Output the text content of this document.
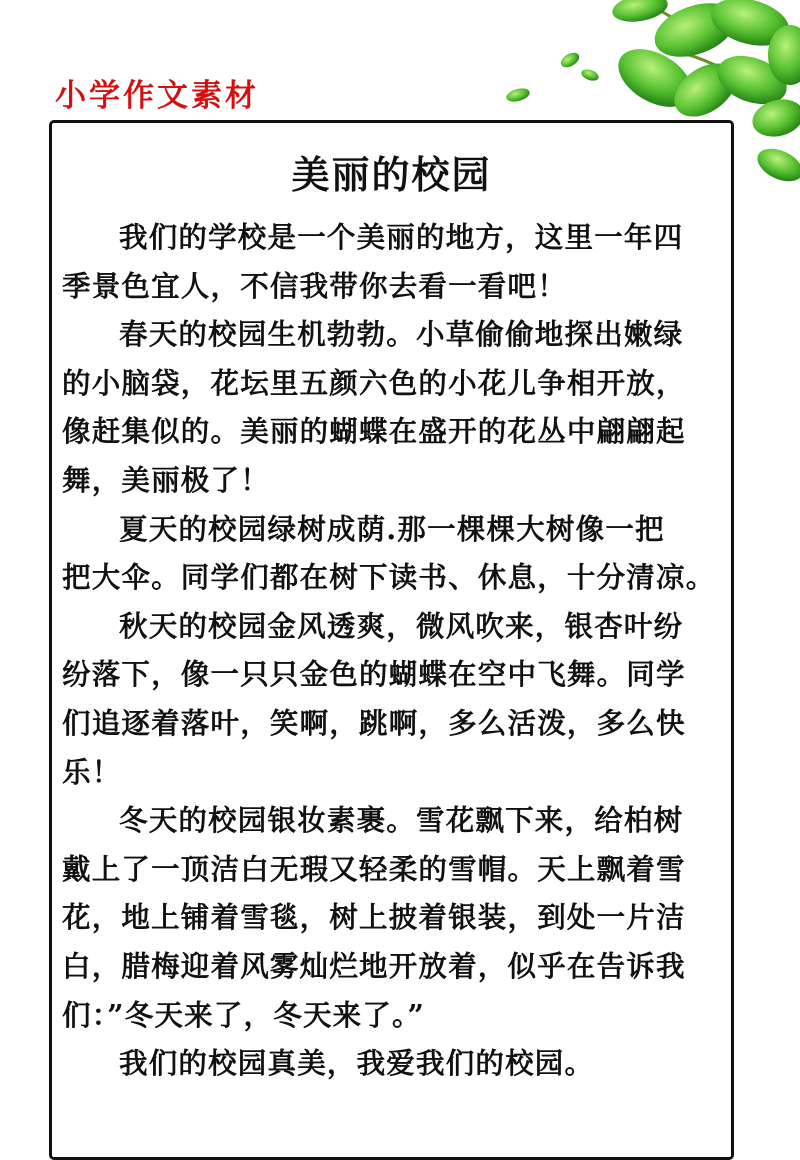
小学作文素材
美丽的校园

我们的学校是一个美丽的地方，这里一年四
季景色宜人，不信我带你去看一看吧！

春天的校园生机勃勃。小草偷偷地探出嫩绿
的小脑袋，花坛里五颜六色的小花儿争相开放，
像赶集似的。美丽的蝴蝶在盛开的花丛中翩翩起
舞，美丽极了！

夏天的校园绿树成荫.那一棵棵大树像一把
把大伞。同学们都在树下读书、休息，十分清凉。

秋天的校园金风透爽，微风吹来，银杏叶纷
纷落下，像一只只金色的蝴蝶在空中飞舞。同学
们追逐着落叶，笑啊，跳啊，多么活泼，多么快
乐！

冬天的校园银妆素裹。雪花飘下来，给柏树
戴上了一顶洁白无瑕又轻柔的雪帽。天上飘着雪
花，地上铺着雪毯，树上披着银装，到处一片洁
白，腊梅迎着风雾灿烂地开放着，似乎在告诉我
们：”冬天来了，冬天来了。”

我们的校园真美，我爱我们的校园。
